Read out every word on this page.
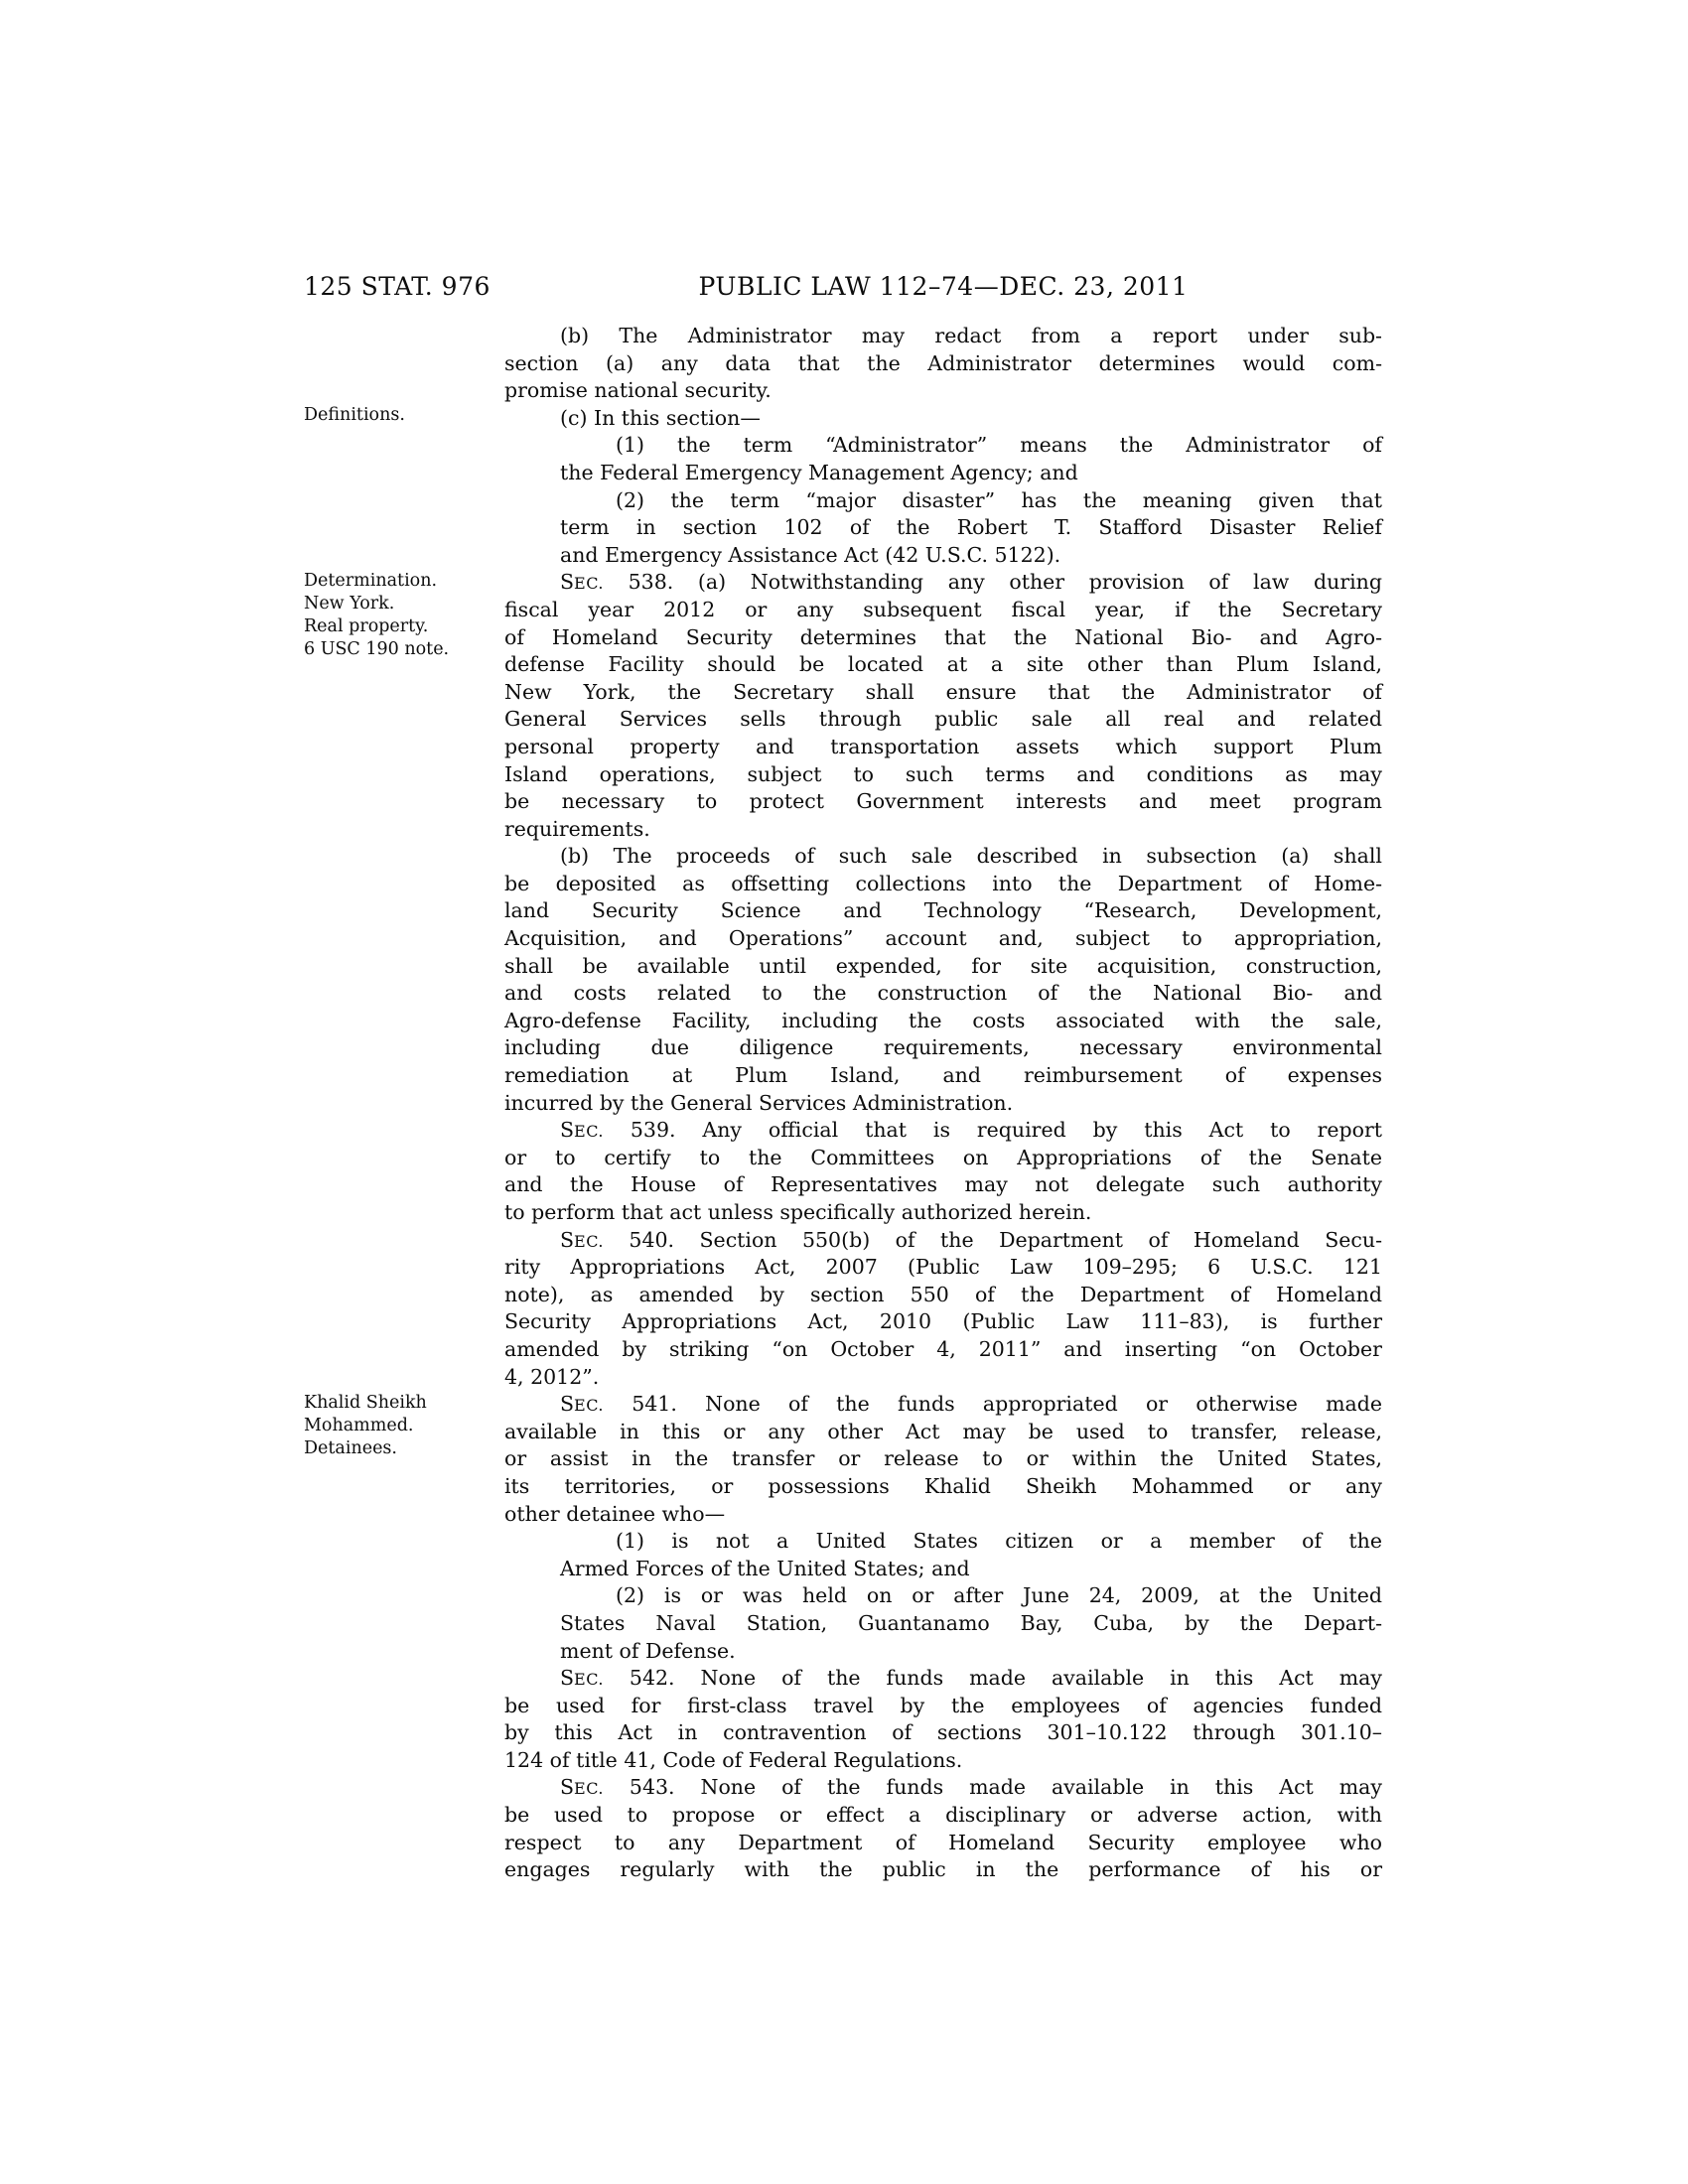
125 STAT. 976	PUBLIC LAW 112–74—DEC. 23, 2011
Definitions.
Determination.
New York.
Real property.
6 USC 190 note.
Khalid Sheikh
Mohammed.
Detainees.
(b) The Administrator may redact from a report under sub-
section (a) any data that the Administrator determines would com-
promise national security.
(c) In this section—
(1) the term “Administrator” means the Administrator of
the Federal Emergency Management Agency; and
(2) the term “major disaster” has the meaning given that
term in section 102 of the Robert T. Stafford Disaster Relief
and Emergency Assistance Act (42 U.S.C. 5122).
SEC. 538. (a) Notwithstanding any other provision of law during
fiscal year 2012 or any subsequent fiscal year, if the Secretary
of Homeland Security determines that the National Bio- and Agro-
defense Facility should be located at a site other than Plum Island,
New York, the Secretary shall ensure that the Administrator of
General Services sells through public sale all real and related
personal property and transportation assets which support Plum
Island operations, subject to such terms and conditions as may
be necessary to protect Government interests and meet program
requirements.
(b) The proceeds of such sale described in subsection (a) shall
be deposited as offsetting collections into the Department of Home-
land Security Science and Technology “Research, Development,
Acquisition, and Operations” account and, subject to appropriation,
shall be available until expended, for site acquisition, construction,
and costs related to the construction of the National Bio- and
Agro-defense Facility, including the costs associated with the sale,
including due diligence requirements, necessary environmental
remediation at Plum Island, and reimbursement of expenses
incurred by the General Services Administration.
SEC. 539. Any official that is required by this Act to report
or to certify to the Committees on Appropriations of the Senate
and the House of Representatives may not delegate such authority
to perform that act unless specifically authorized herein.
SEC. 540. Section 550(b) of the Department of Homeland Secu-
rity Appropriations Act, 2007 (Public Law 109–295; 6 U.S.C. 121
note), as amended by section 550 of the Department of Homeland
Security Appropriations Act, 2010 (Public Law 111–83), is further
amended by striking “on October 4, 2011” and inserting “on October
4, 2012”.
SEC. 541. None of the funds appropriated or otherwise made
available in this or any other Act may be used to transfer, release,
or assist in the transfer or release to or within the United States,
its territories, or possessions Khalid Sheikh Mohammed or any
other detainee who—
(1) is not a United States citizen or a member of the
Armed Forces of the United States; and
(2) is or was held on or after June 24, 2009, at the United
States Naval Station, Guantanamo Bay, Cuba, by the Depart-
ment of Defense.
SEC. 542. None of the funds made available in this Act may
be used for first-class travel by the employees of agencies funded
by this Act in contravention of sections 301–10.122 through 301.10–
124 of title 41, Code of Federal Regulations.
SEC. 543. None of the funds made available in this Act may
be used to propose or effect a disciplinary or adverse action, with
respect to any Department of Homeland Security employee who
engages regularly with the public in the performance of his or
